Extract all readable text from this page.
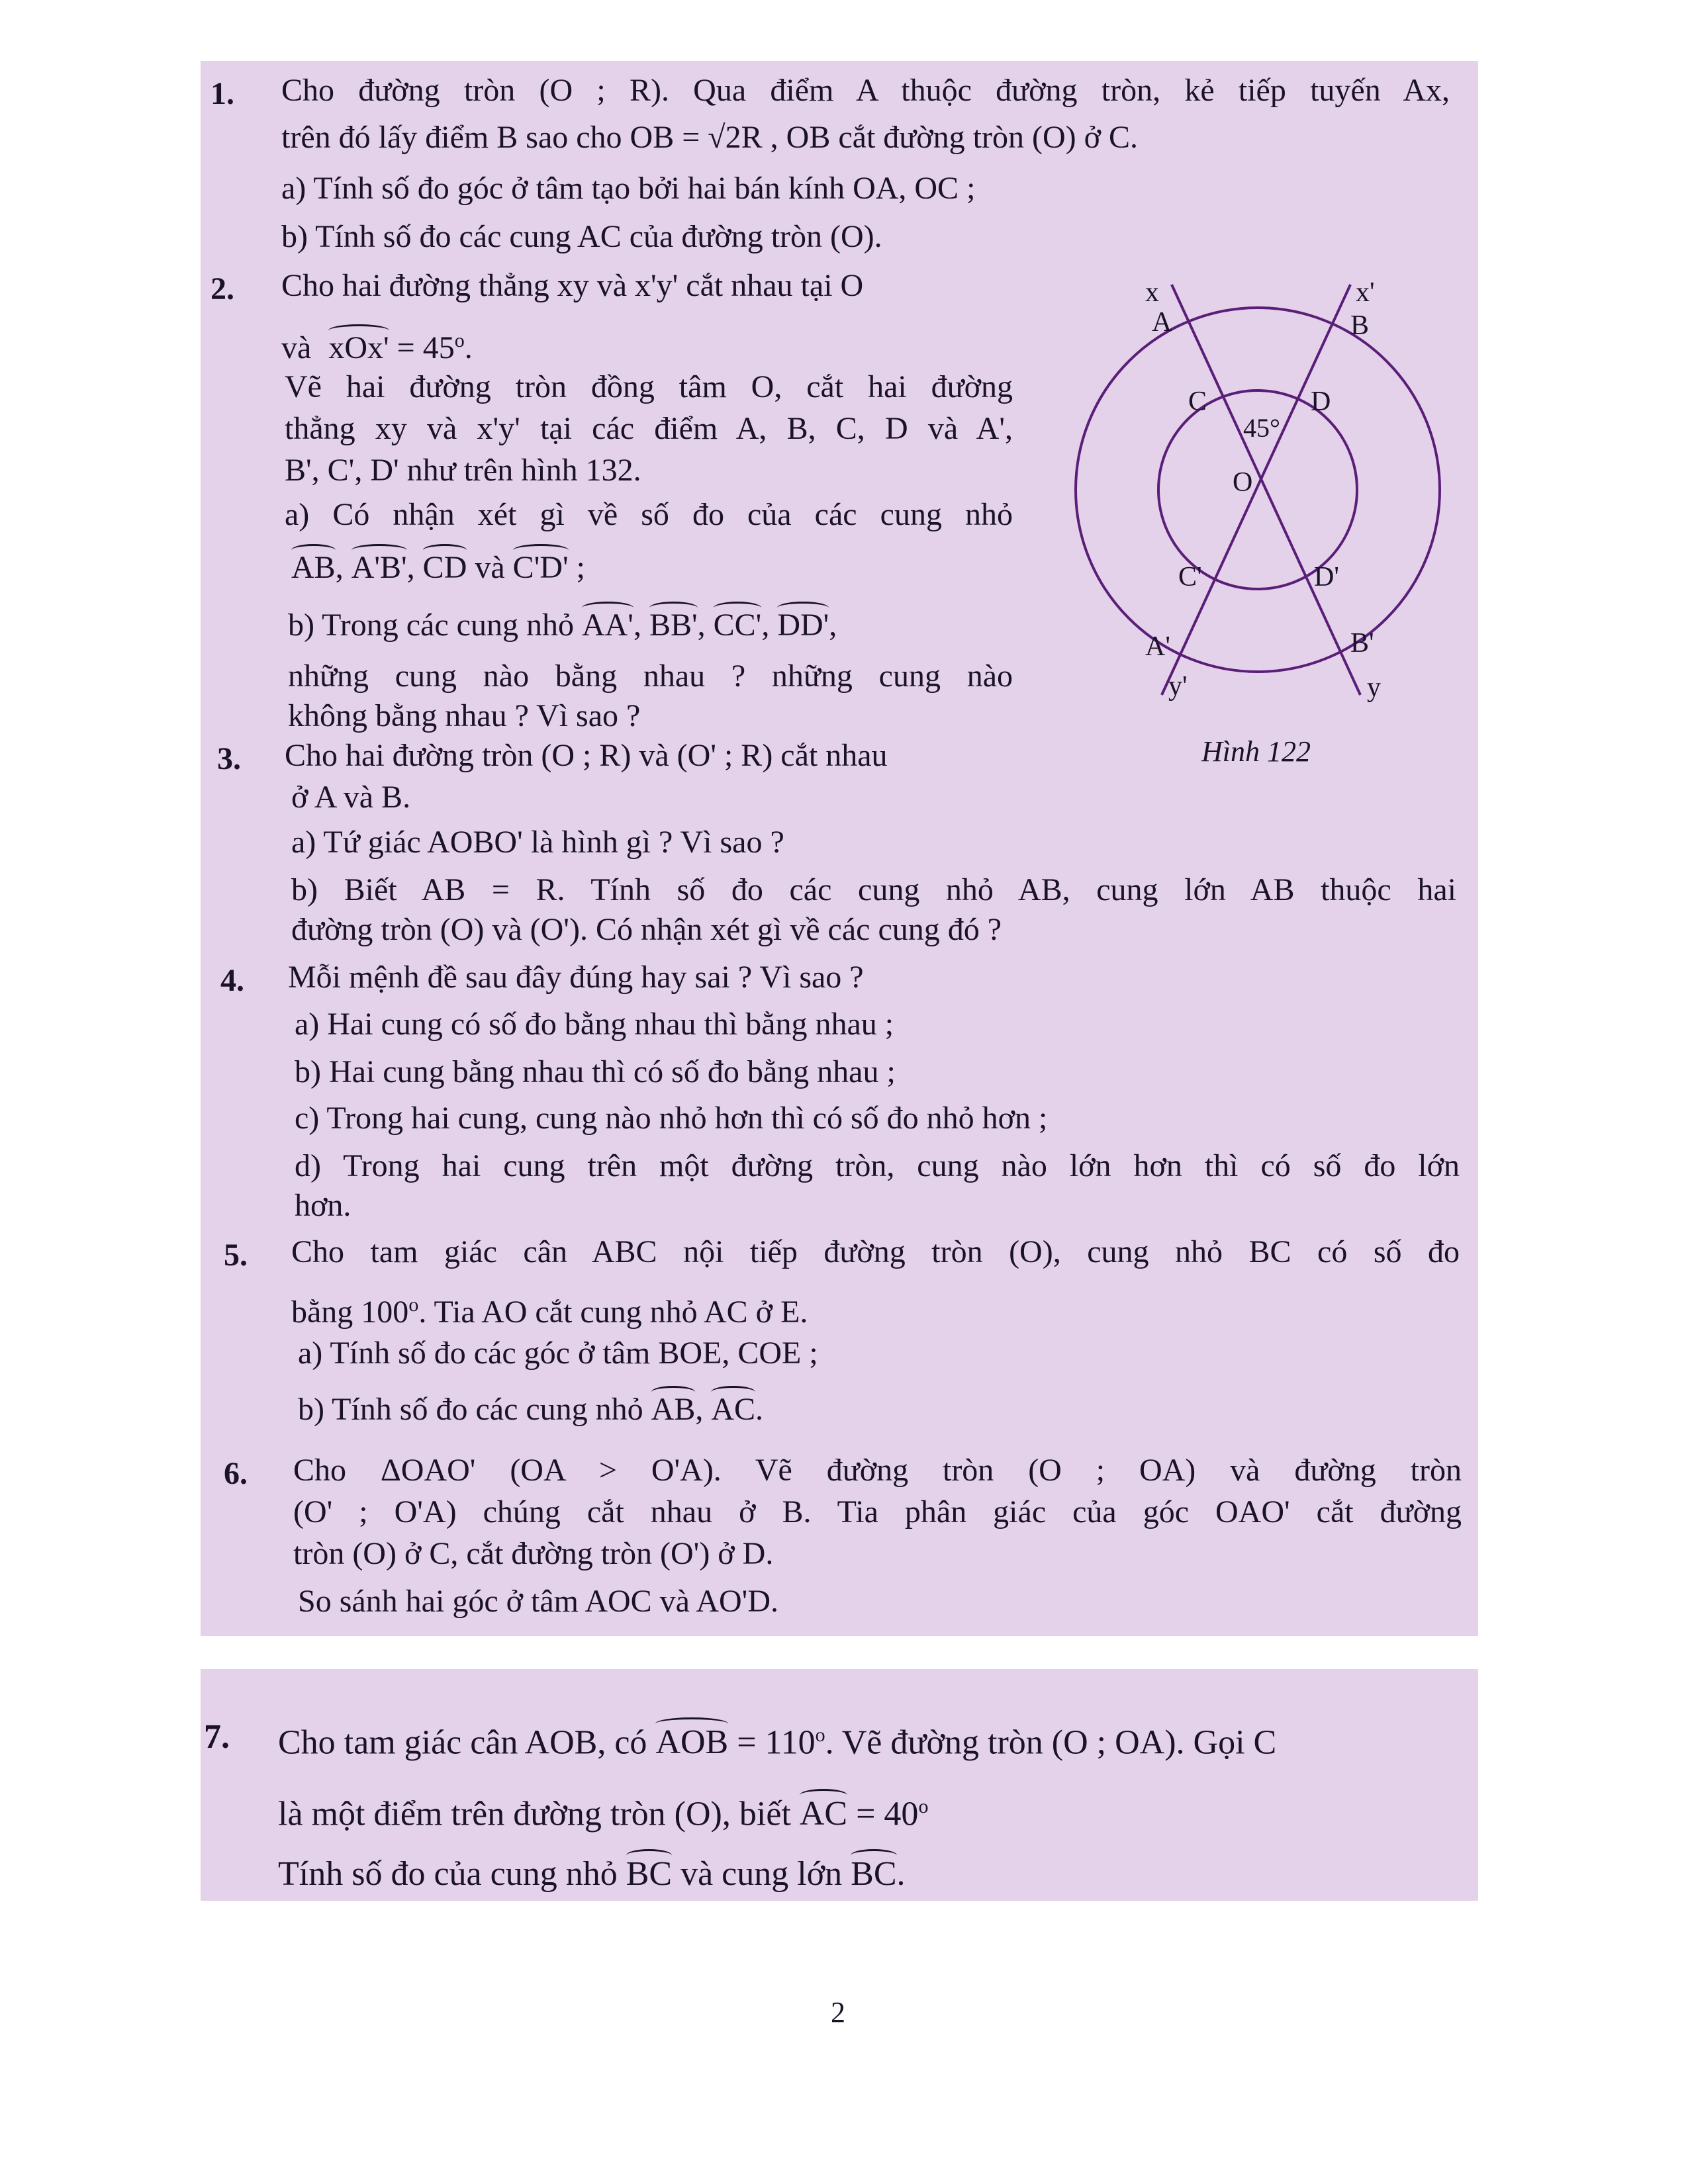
1. Cho đường tròn (O ; R). Qua điểm A thuộc đường tròn, kẻ tiếp tuyến Ax,
trên đó lấy điểm B sao cho OB = √2R , OB cắt đường tròn (O) ở C.
a) Tính số đo góc ở tâm tạo bởi hai bán kính OA, OC ;
b) Tính số đo các cung AC của đường tròn (O).
2. Cho hai đường thẳng xy và x'y' cắt nhau tại O
và $xOx' = 45^o$.
Vẽ hai đường tròn đồng tâm O, cắt hai đường
thẳng xy và x'y' tại các điểm A, B, C, D và A',
B', C', D' như trên hình 132.
a) Có nhận xét gì về số đo của các cung nhỏ
AB, A'B', CD và C'D' ;
b) Trong các cung nhỏ AA', BB', CC', DD',
những cung nào bằng nhau ? những cung nào
không bằng nhau ? Vì sao ?
3. Cho hai đường tròn (O ; R) và (O' ; R) cắt nhau
ở A và B.
a) Tứ giác AOBO' là hình gì ? Vì sao ?
b) Biết AB = R. Tính số đo các cung nhỏ AB, cung lớn AB thuộc hai
đường tròn (O) và (O'). Có nhận xét gì về các cung đó ?
4. Mỗi mệnh đề sau đây đúng hay sai ? Vì sao ?
a) Hai cung có số đo bằng nhau thì bằng nhau ;
b) Hai cung bằng nhau thì có số đo bằng nhau ;
c) Trong hai cung, cung nào nhỏ hơn thì có số đo nhỏ hơn ;
d) Trong hai cung trên một đường tròn, cung nào lớn hơn thì có số đo lớn
hơn.
5. Cho tam giác cân ABC nội tiếp đường tròn (O), cung nhỏ BC có số đo
bằng 100$^o$. Tia AO cắt cung nhỏ AC ở E.
a) Tính số đo các góc ở tâm BOE, COE ;
b) Tính số đo các cung nhỏ AB, AC.
6. Cho ΔOAO' (OA > O'A). Vẽ đường tròn (O ; OA) và đường tròn
(O' ; O'A) chúng cắt nhau ở B. Tia phân giác của góc OAO' cắt đường
tròn (O) ở C, cắt đường tròn (O') ở D.
So sánh hai góc ở tâm AOC và AO'D.
7. Cho tam giác cân AOB, có AOB = $110^o$. Vẽ đường tròn (O ; OA). Gọi C
là một điểm trên đường tròn (O), biết AC = $40^o$
Tính số đo của cung nhỏ BC và cung lớn BC.
x	x'
A	B
C	D
45°
O
C'	D'
A'	B'
y'	y
Hình 122
2
